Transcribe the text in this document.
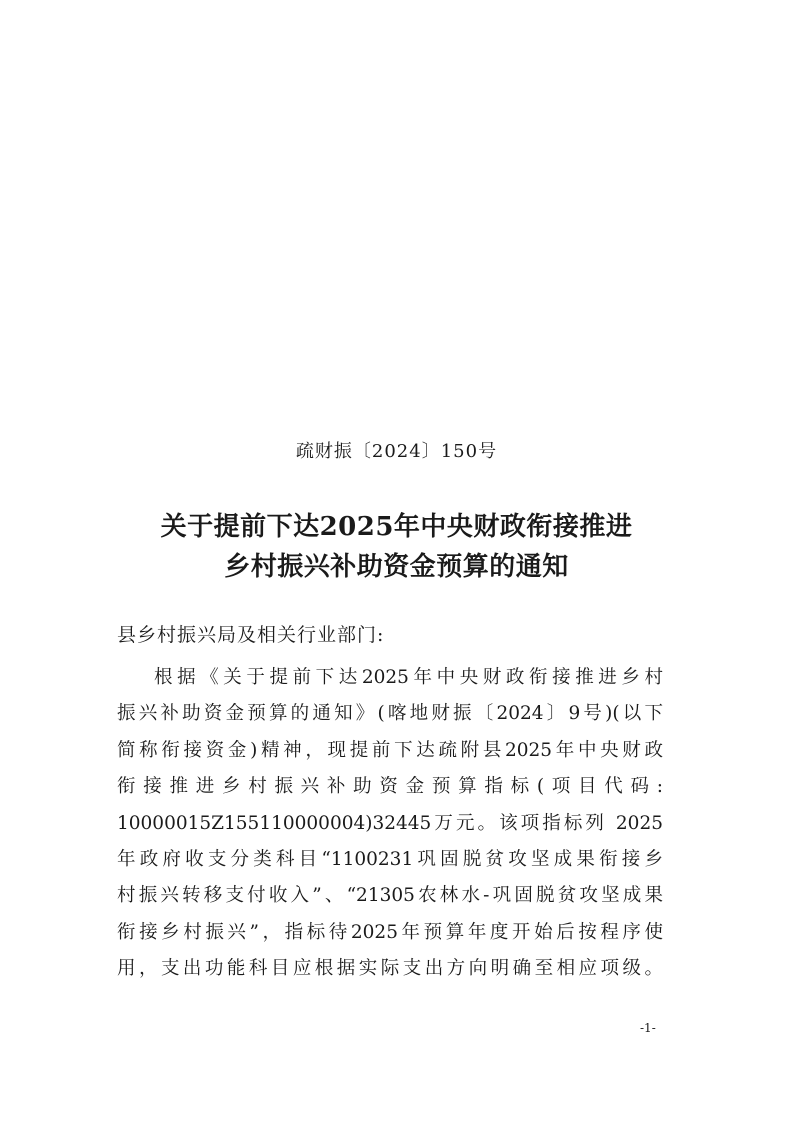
疏财振〔2024〕150号
关于提前下达2025年中央财政衔接推进
乡村振兴补助资金预算的通知
县乡村振兴局及相关行业部门:
根据《关于提前下达2025年中央财政衔接推进乡村
振兴补助资金预算的通知》(喀地财振〔2024〕9号)(以下
简称衔接资金)精神，现提前下达疏附县2025年中央财政
衔接推进乡村振兴补助资金预算指标(项目代码:
10000015Z155110000004)32445万元。该项指标列 2025
年政府收支分类科目“1100231巩固脱贫攻坚成果衔接乡
村振兴转移支付收入”、“21305农林水-巩固脱贫攻坚成果
衔接乡村振兴”，指标待2025年预算年度开始后按程序使
用，支出功能科目应根据实际支出方向明确至相应项级。
-1-
